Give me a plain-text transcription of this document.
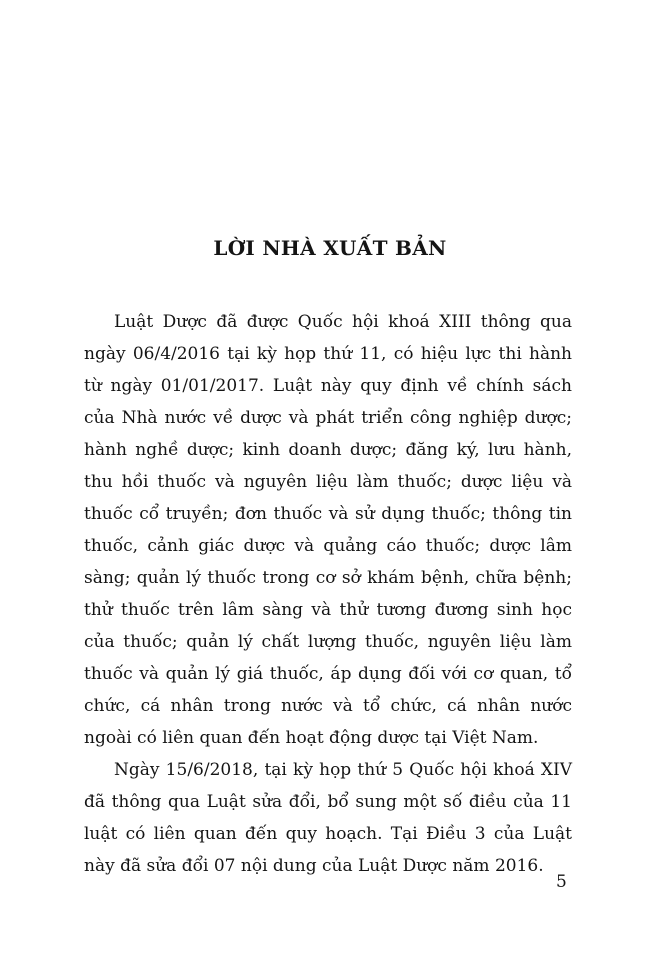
LỜI NHÀ XUẤT BẢN
Luật Dược đã được Quốc hội khoá XIII thông qua
ngày 06/4/2016 tại kỳ họp thứ 11, có hiệu lực thi hành
từ ngày 01/01/2017. Luật này quy định về chính sách
của Nhà nước về dược và phát triển công nghiệp dược;
hành nghề dược; kinh doanh dược; đăng ký, lưu hành,
thu hồi thuốc và nguyên liệu làm thuốc; dược liệu và
thuốc cổ truyền; đơn thuốc và sử dụng thuốc; thông tin
thuốc, cảnh giác dược và quảng cáo thuốc; dược lâm
sàng; quản lý thuốc trong cơ sở khám bệnh, chữa bệnh;
thử thuốc trên lâm sàng và thử tương đương sinh học
của thuốc; quản lý chất lượng thuốc, nguyên liệu làm
thuốc và quản lý giá thuốc, áp dụng đối với cơ quan, tổ
chức, cá nhân trong nước và tổ chức, cá nhân nước
ngoài có liên quan đến hoạt động dược tại Việt Nam.
Ngày 15/6/2018, tại kỳ họp thứ 5 Quốc hội khoá XIV
đã thông qua Luật sửa đổi, bổ sung một số điều của 11
luật có liên quan đến quy hoạch. Tại Điều 3 của Luật
này đã sửa đổi 07 nội dung của Luật Dược năm 2016.
5
